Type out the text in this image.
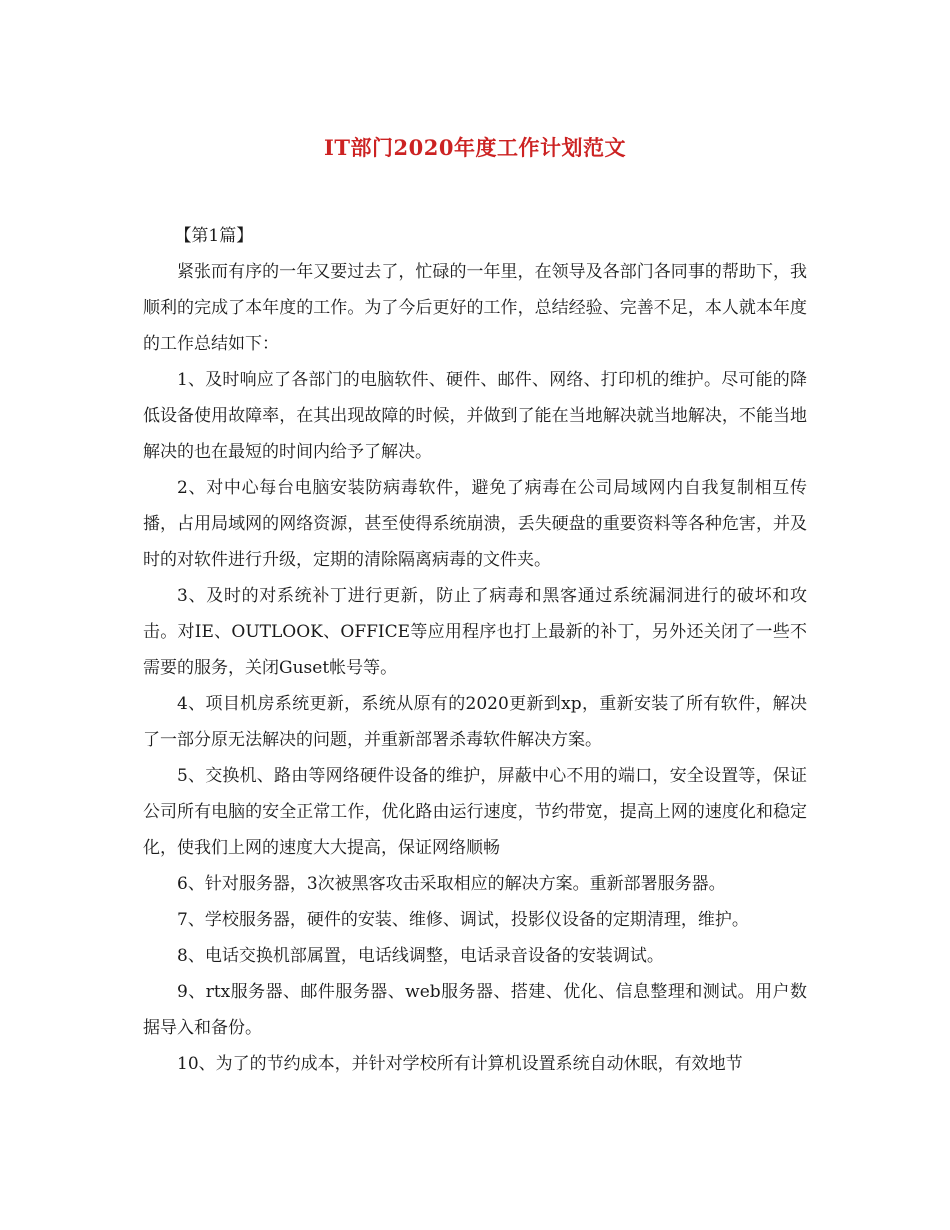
IT部门2020年度工作计划范文

【第1篇】

紧张而有序的一年又要过去了，忙碌的一年里，在领导及各部门各同事的帮助下，我顺利的完成了本年度的工作。为了今后更好的工作，总结经验、完善不足，本人就本年度的工作总结如下：

1、及时响应了各部门的电脑软件、硬件、邮件、网络、打印机的维护。尽可能的降低设备使用故障率，在其出现故障的时候，并做到了能在当地解决就当地解决，不能当地解决的也在最短的时间内给予了解决。

2、对中心每台电脑安装防病毒软件，避免了病毒在公司局域网内自我复制相互传播，占用局域网的网络资源，甚至使得系统崩溃，丢失硬盘的重要资料等各种危害，并及时的对软件进行升级，定期的清除隔离病毒的文件夹。

3、及时的对系统补丁进行更新，防止了病毒和黑客通过系统漏洞进行的破坏和攻击。对IE、OUTLOOK、OFFICE等应用程序也打上最新的补丁，另外还关闭了一些不需要的服务，关闭Guset帐号等。

4、项目机房系统更新，系统从原有的2020更新到xp，重新安装了所有软件，解决了一部分原无法解决的问题，并重新部署杀毒软件解决方案。

5、交换机、路由等网络硬件设备的维护，屏蔽中心不用的端口，安全设置等，保证公司所有电脑的安全正常工作，优化路由运行速度，节约带宽，提高上网的速度化和稳定化，使我们上网的速度大大提高，保证网络顺畅

6、针对服务器，3次被黑客攻击采取相应的解决方案。重新部署服务器。

7、学校服务器，硬件的安装、维修、调试，投影仪设备的定期清理，维护。

8、电话交换机部属置，电话线调整，电话录音设备的安装调试。

9、rtx服务器、邮件服务器、web服务器、搭建、优化、信息整理和测试。用户数据导入和备份。

10、为了的节约成本，并针对学校所有计算机设置系统自动休眠，有效地节
